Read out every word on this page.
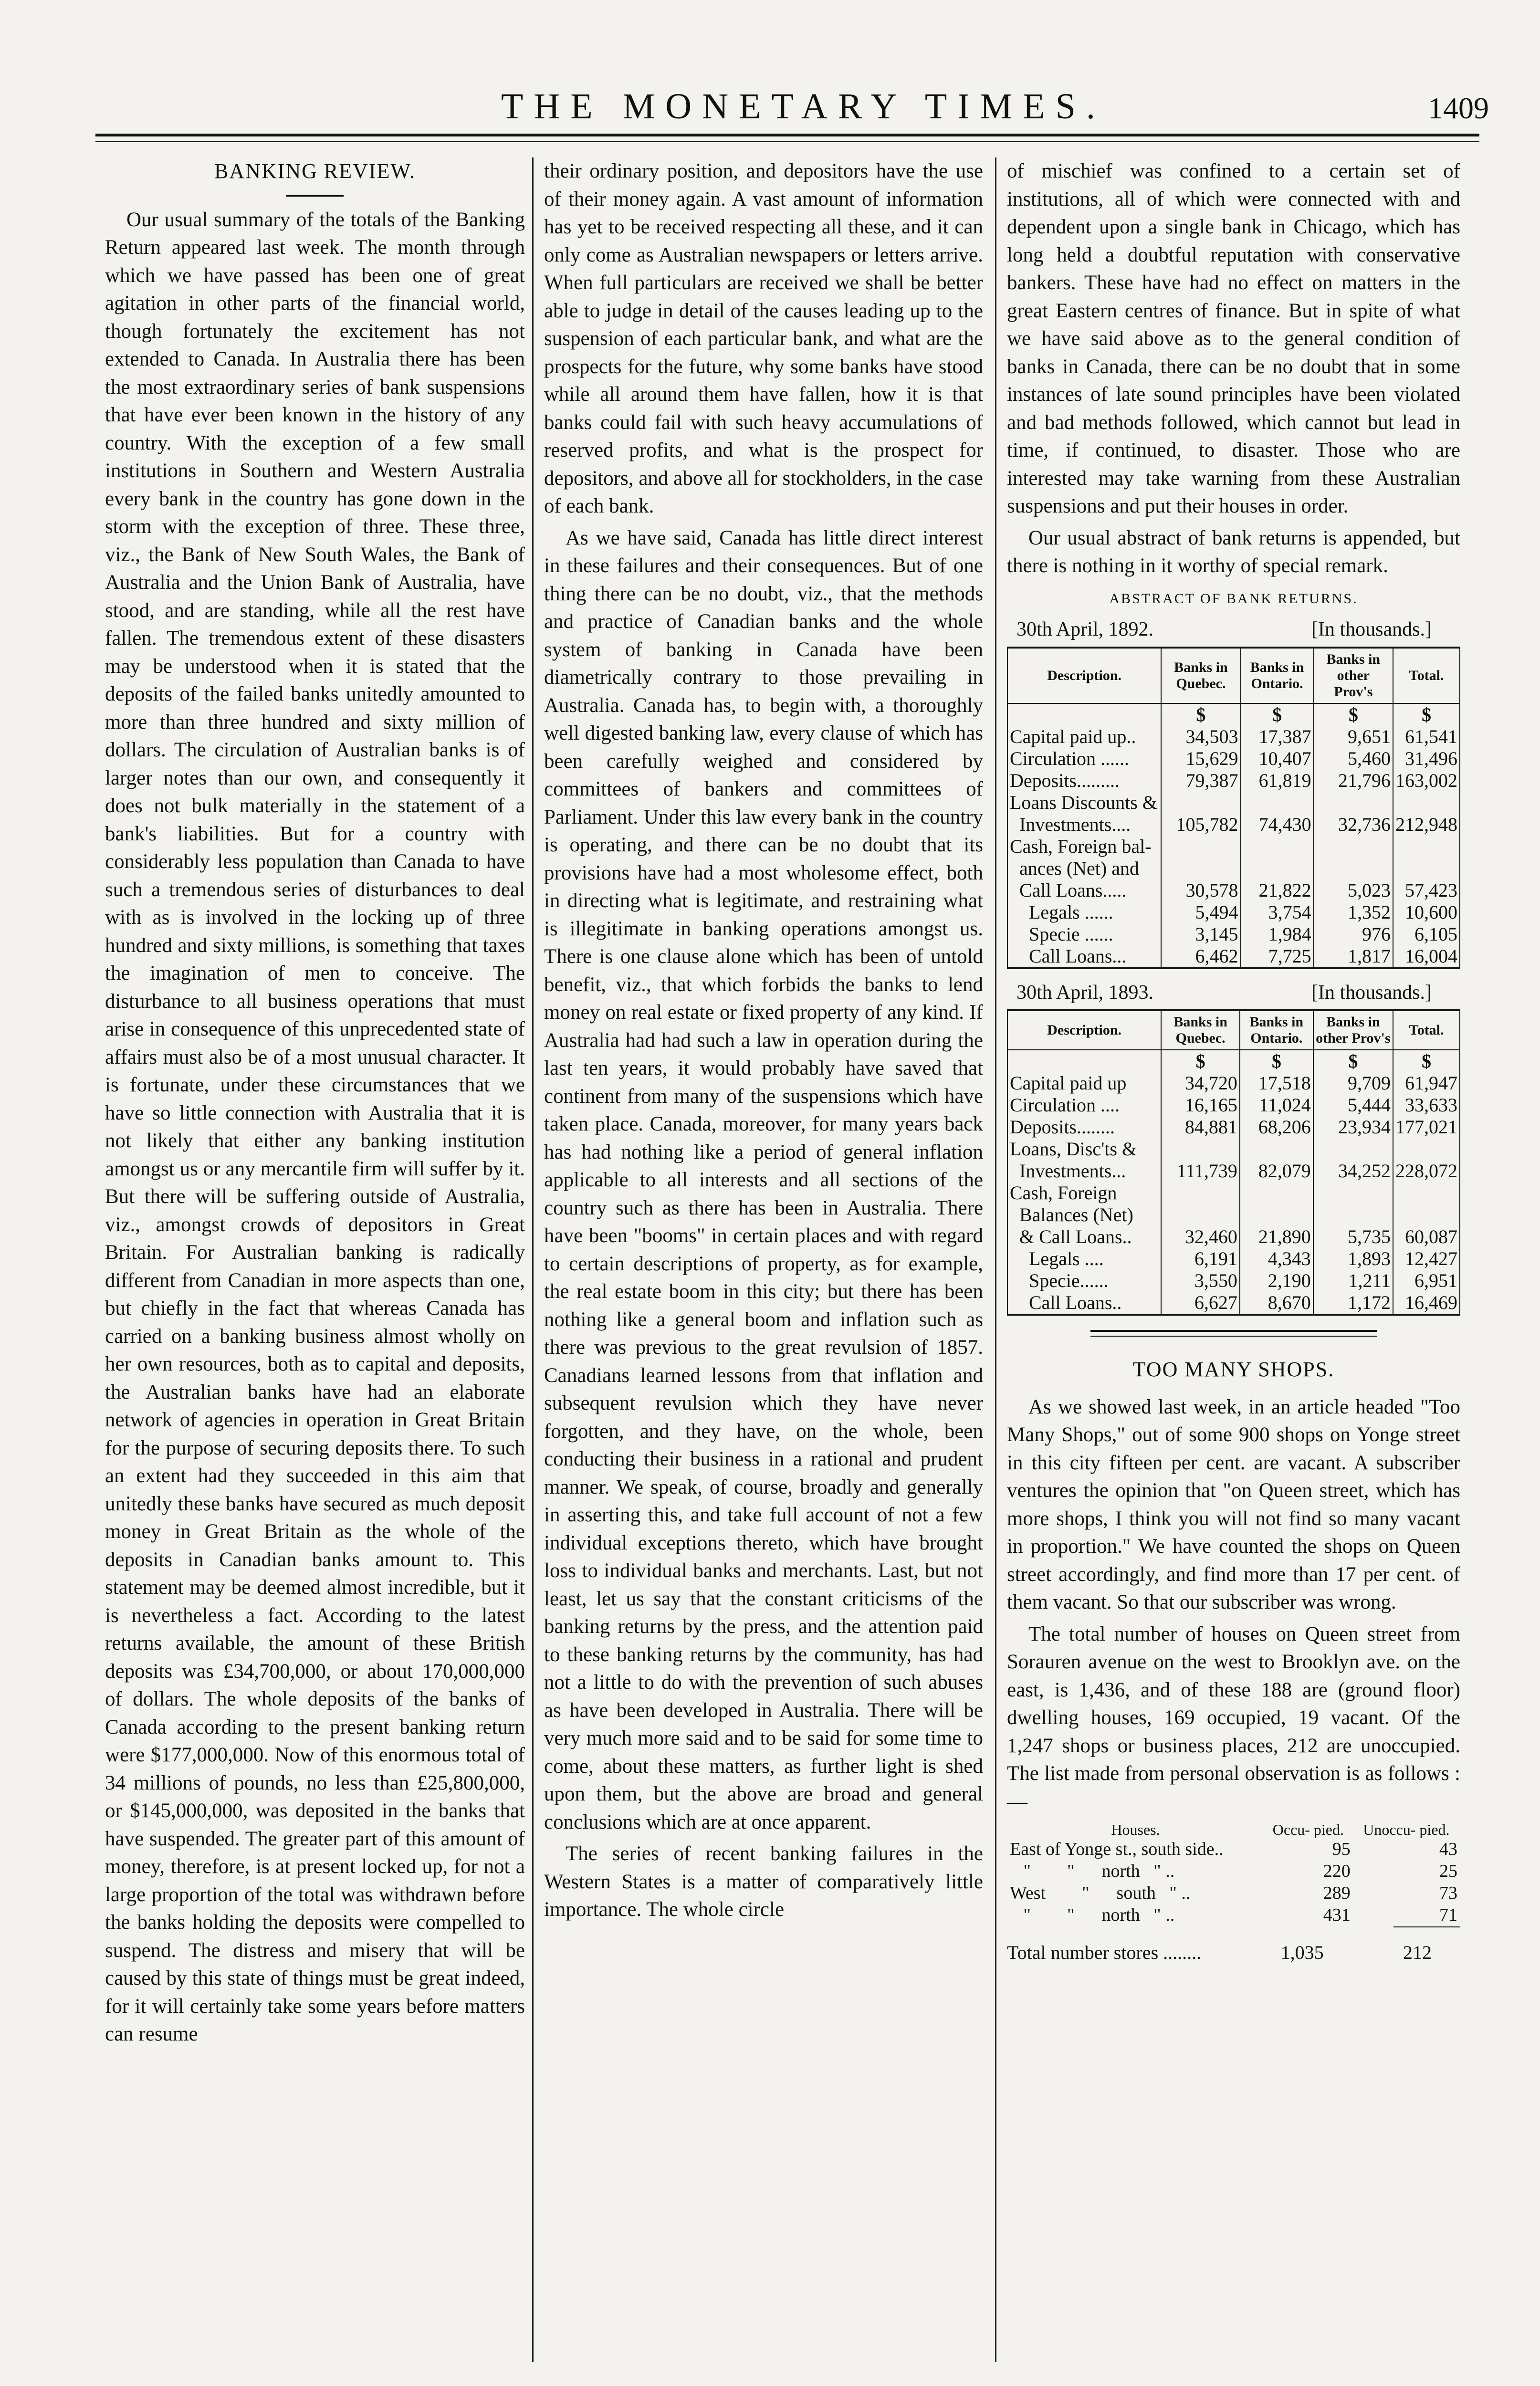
THE MONETARY TIMES.	1409
BANKING REVIEW.

Our usual summary of the totals of the Banking Return appeared last week. The month through which we have passed has been one of great agitation in other parts of the financial world, though fortunately the excitement has not extended to Canada. In Australia there has been the most extraordinary series of bank suspensions that have ever been known in the history of any country. With the exception of a few small institutions in Southern and Western Australia every bank in the country has gone down in the storm with the exception of three. These three, viz., the Bank of New South Wales, the Bank of Australia and the Union Bank of Australia, have stood, and are standing, while all the rest have fallen. The tremendous extent of these disasters may be understood when it is stated that the deposits of the failed banks unitedly amounted to more than three hundred and sixty million of dollars. The circulation of Australian banks is of larger notes than our own, and consequently it does not bulk materially in the statement of a bank's liabilities. But for a country with considerably less population than Canada to have such a tremendous series of disturbances to deal with as is involved in the locking up of three hundred and sixty millions, is something that taxes the imagination of men to conceive. The disturbance to all business operations that must arise in consequence of this unprecedented state of affairs must also be of a most unusual character. It is fortunate, under these circumstances that we have so little connection with Australia that it is not likely that either any banking institution amongst us or any mercantile firm will suffer by it. But there will be suffering outside of Australia, viz., amongst crowds of depositors in Great Britain. For Australian banking is radically different from Canadian in more aspects than one, but chiefly in the fact that whereas Canada has carried on a banking business almost wholly on her own resources, both as to capital and deposits, the Australian banks have had an elaborate network of agencies in operation in Great Britain for the purpose of securing deposits there. To such an extent had they succeeded in this aim that unitedly these banks have secured as much deposit money in Great Britain as the whole of the deposits in Canadian banks amount to. This statement may be deemed almost incredible, but it is nevertheless a fact. According to the latest returns available, the amount of these British deposits was £34,700,000, or about 170,000,000 of dollars. The whole deposits of the banks of Canada according to the present banking return were $177,000,000. Now of this enormous total of 34 millions of pounds, no less than £25,800,000, or $145,000,000, was deposited in the banks that have suspended. The greater part of this amount of money, therefore, is at present locked up, for not a large proportion of the total was withdrawn before the banks holding the deposits were compelled to suspend. The distress and misery that will be caused by this state of things must be great indeed, for it will certainly take some years before matters can resume

their ordinary position, and depositors have the use of their money again. A vast amount of information has yet to be received respecting all these, and it can only come as Australian newspapers or letters arrive. When full particulars are received we shall be better able to judge in detail of the causes leading up to the suspension of each particular bank, and what are the prospects for the future, why some banks have stood while all around them have fallen, how it is that banks could fail with such heavy accumulations of reserved profits, and what is the prospect for depositors, and above all for stockholders, in the case of each bank.

As we have said, Canada has little direct interest in these failures and their consequences. But of one thing there can be no doubt, viz., that the methods and practice of Canadian banks and the whole system of banking in Canada have been diametrically contrary to those prevailing in Australia. Canada has, to begin with, a thoroughly well digested banking law, every clause of which has been carefully weighed and considered by committees of bankers and committees of Parliament. Under this law every bank in the country is operating, and there can be no doubt that its provisions have had a most wholesome effect, both in directing what is legitimate, and restraining what is illegitimate in banking operations amongst us. There is one clause alone which has been of untold benefit, viz., that which forbids the banks to lend money on real estate or fixed property of any kind. If Australia had had such a law in operation during the last ten years, it would probably have saved that continent from many of the suspensions which have taken place. Canada, moreover, for many years back has had nothing like a period of general inflation applicable to all interests and all sections of the country such as there has been in Australia. There have been "booms" in certain places and with regard to certain descriptions of property, as for example, the real estate boom in this city; but there has been nothing like a general boom and inflation such as there was previous to the great revulsion of 1857. Canadians learned lessons from that inflation and subsequent revulsion which they have never forgotten, and they have, on the whole, been conducting their business in a rational and prudent manner. We speak, of course, broadly and generally in asserting this, and take full account of not a few individual exceptions thereto, which have brought loss to individual banks and merchants. Last, but not least, let us say that the constant criticisms of the banking returns by the press, and the attention paid to these banking returns by the community, has had not a little to do with the prevention of such abuses as have been developed in Australia. There will be very much more said and to be said for some time to come, about these matters, as further light is shed upon them, but the above are broad and general conclusions which are at once apparent.

The series of recent banking failures in the Western States is a matter of comparatively little importance. The whole circle

of mischief was confined to a certain set of institutions, all of which were connected with and dependent upon a single bank in Chicago, which has long held a doubtful reputation with conservative bankers. These have had no effect on matters in the great Eastern centres of finance. But in spite of what we have said above as to the general condition of banks in Canada, there can be no doubt that in some instances of late sound principles have been violated and bad methods followed, which cannot but lead in time, if continued, to disaster. Those who are interested may take warning from these Australian suspensions and put their houses in order.

Our usual abstract of bank returns is appended, but there is nothing in it worthy of special remark.

ABSTRACT OF BANK RETURNS.
30th April, 1892.	[In thousands.]
Description.	Banks in Quebec.	Banks in Ontario.	Banks in other Prov's	Total.
	$	$	$	$
Capital paid up..	34,503	17,387	9,651	61,541
Circulation ......	15,629	10,407	5,460	31,496
Deposits.........	79,387	61,819	21,796	163,002
Loans Discounts &				
Investments....	105,782	74,430	32,736	212,948
Cash, Foreign bal-				
ances (Net) and				
Call Loans.....	30,578	21,822	5,023	57,423
Legals ......	5,494	3,754	1,352	10,600
Specie ......	3,145	1,984	976	6,105
Call Loans...	6,462	7,725	1,817	16,004
30th April, 1893.	[In thousands.]
Description.	Banks in Quebec.	Banks in Ontario.	Banks in other Prov's	Total.
	$	$	$	$
Capital paid up	34,720	17,518	9,709	61,947
Circulation ....	16,165	11,024	5,444	33,633
Deposits........	84,881	68,206	23,934	177,021
Loans, Disc'ts &				
Investments...	111,739	82,079	34,252	228,072
Cash, Foreign				
Balances (Net)				
& Call Loans..	32,460	21,890	5,735	60,087
Legals ....	6,191	4,343	1,893	12,427
Specie......	3,550	2,190	1,211	6,951
Call Loans..	6,627	8,670	1,172	16,469
TOO MANY SHOPS.

As we showed last week, in an article headed "Too Many Shops," out of some 900 shops on Yonge street in this city fifteen per cent. are vacant. A subscriber ventures the opinion that "on Queen street, which has more shops, I think you will not find so many vacant in proportion." We have counted the shops on Queen street accordingly, and find more than 17 per cent. of them vacant. So that our subscriber was wrong.

The total number of houses on Queen street from Sorauren avenue on the west to Brooklyn ave. on the east, is 1,436, and of these 188 are (ground floor) dwelling houses, 169 occupied, 19 vacant. Of the 1,247 shops or business places, 212 are unoccupied. The list made from personal observation is as follows :—

Houses.	Occu- pied.	Unoccu- pied.
East of Yonge st., south side..	95	43
"        "      north   " ..	220	25
West        "      south   " ..	289	73
"        "      north   " ..	431	71
Total number stores ........	1,035	212
